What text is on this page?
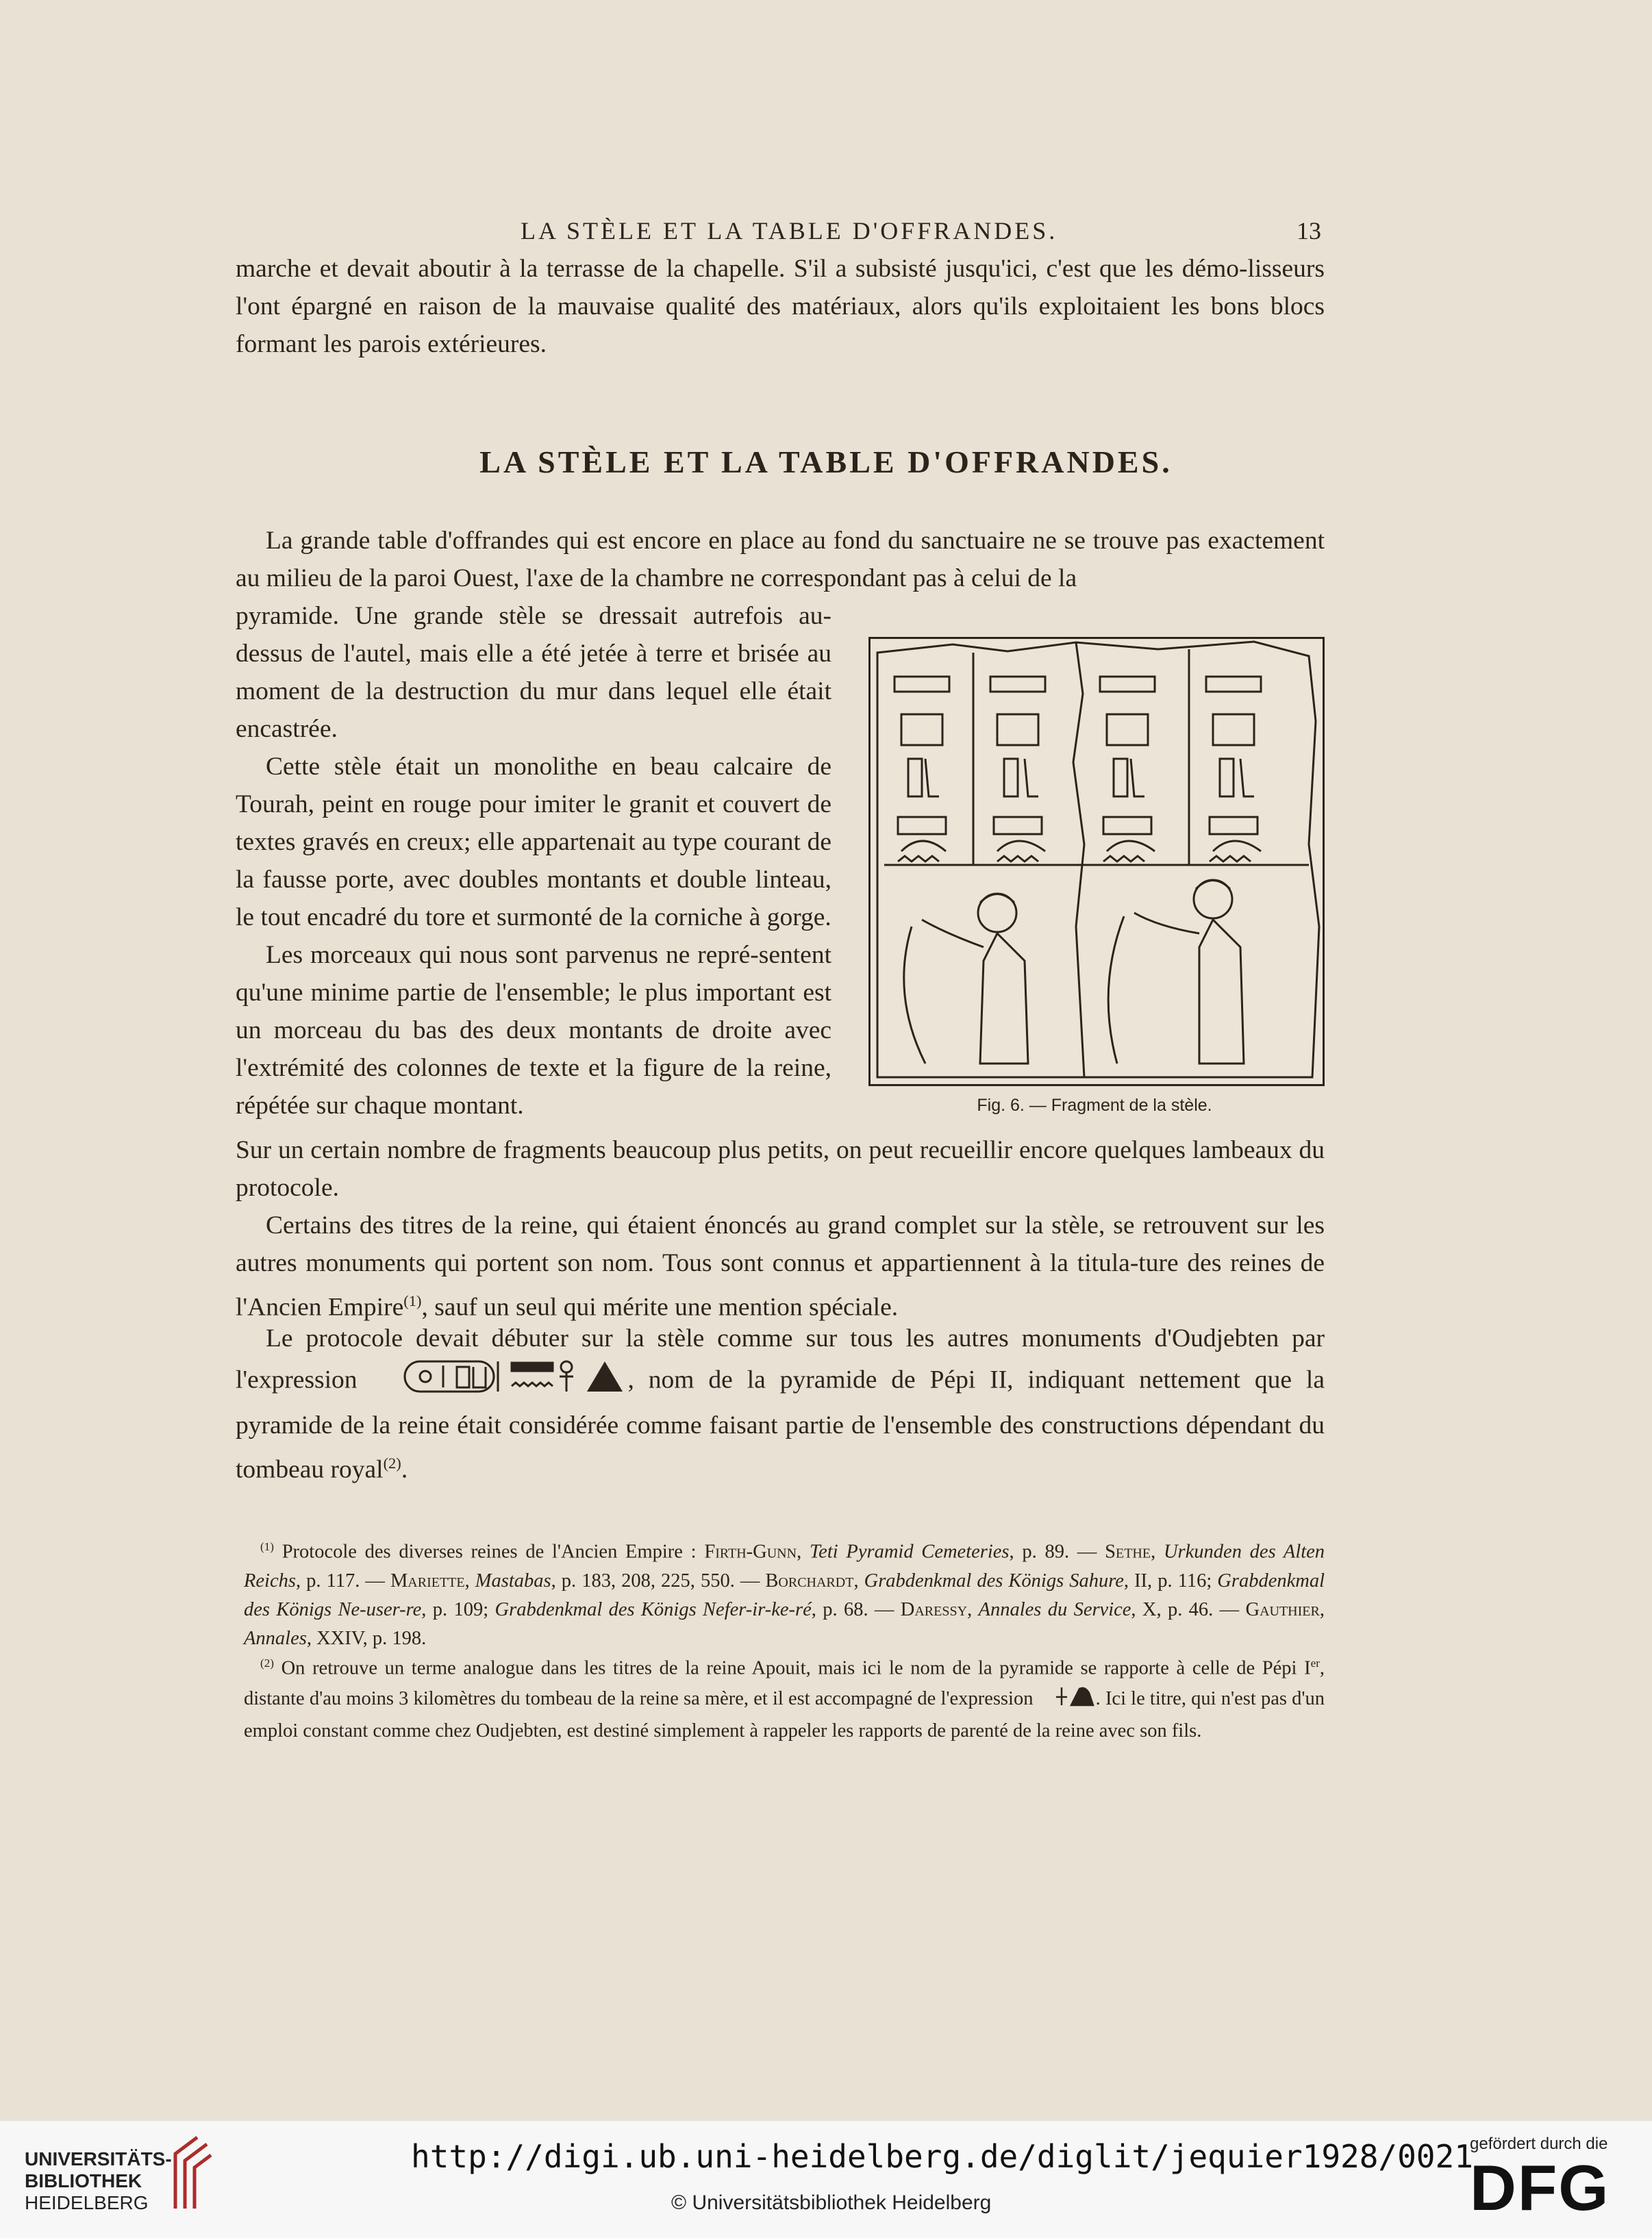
LA STÈLE ET LA TABLE D'OFFRANDES.	13

marche et devait aboutir à la terrasse de la chapelle. S'il a subsisté jusqu'ici, c'est que les démo-lisseurs l'ont épargné en raison de la mauvaise qualité des matériaux, alors qu'ils exploitaient les bons blocs formant les parois extérieures.

LA STÈLE ET LA TABLE D'OFFRANDES.

La grande table d'offrandes qui est encore en place au fond du sanctuaire ne se trouve pas exactement au milieu de la paroi Ouest, l'axe de la chambre ne correspondant pas à celui de la

pyramide. Une grande stèle se dressait autrefois au-dessus de l'autel, mais elle a été jetée à terre et brisée au moment de la destruction du mur dans lequel elle était encastrée.

Cette stèle était un monolithe en beau calcaire de Tourah, peint en rouge pour imiter le granit et couvert de textes gravés en creux; elle appartenait au type courant de la fausse porte, avec doubles montants et double linteau, le tout encadré du tore et surmonté de la corniche à gorge.

Les morceaux qui nous sont parvenus ne repré-sentent qu'une minime partie de l'ensemble; le plus important est un morceau du bas des deux montants de droite avec l'extrémité des colonnes de texte et la figure de la reine, répétée sur chaque montant.	Fig. 6. — Fragment de la stèle.

Sur un certain nombre de fragments beaucoup plus petits, on peut recueillir encore quelques lambeaux du protocole.

Certains des titres de la reine, qui étaient énoncés au grand complet sur la stèle, se retrouvent sur les autres monuments qui portent son nom. Tous sont connus et appartiennent à la titula-ture des reines de l'Ancien Empire$^{(1)}$, sauf un seul qui mérite une mention spéciale.

Le protocole devait débuter sur la stèle comme sur tous les autres monuments d'Oudjebten par l'expression	, nom de la pyramide de Pépi II, indiquant nettement que la pyramide de la reine était considérée comme faisant partie de l'ensemble des constructions dépendant du tombeau royal$^{(2)}$.

$^{(1)}$ Protocole des diverses reines de l'Ancien Empire : Firth-Gunn, Teti Pyramid Cemeteries, p. 89. — Sethe, Urkunden des Alten Reichs, p. 117. — Mariette, Mastabas, p. 183, 208, 225, 550. — Borchardt, Grabdenkmal des Königs Sahure, II, p. 116; Grabdenkmal des Königs Ne-user-re, p. 109; Grabdenkmal des Königs Nefer-ir-ke-ré, p. 68. — Daressy, Annales du Service, X, p. 46. — Gauthier, Annales, XXIV, p. 198.

$^{(2)}$ On retrouve un terme analogue dans les titres de la reine Apouit, mais ici le nom de la pyramide se rapporte à celle de Pépi Ier, distante d'au moins 3 kilomètres du tombeau de la reine sa mère, et il est accompagné de l'expression	. Ici le titre, qui n'est pas d'un emploi constant comme chez Oudjebten, est destiné simplement à rappeler les rapports de parenté de la reine avec son fils.

UNIVERSITÄTS-
BIBLIOTHEK
HEIDELBERG
http://digi.ub.uni-heidelberg.de/diglit/jequier1928/0021
© Universitätsbibliothek Heidelberg
gefördert durch die
DFG
